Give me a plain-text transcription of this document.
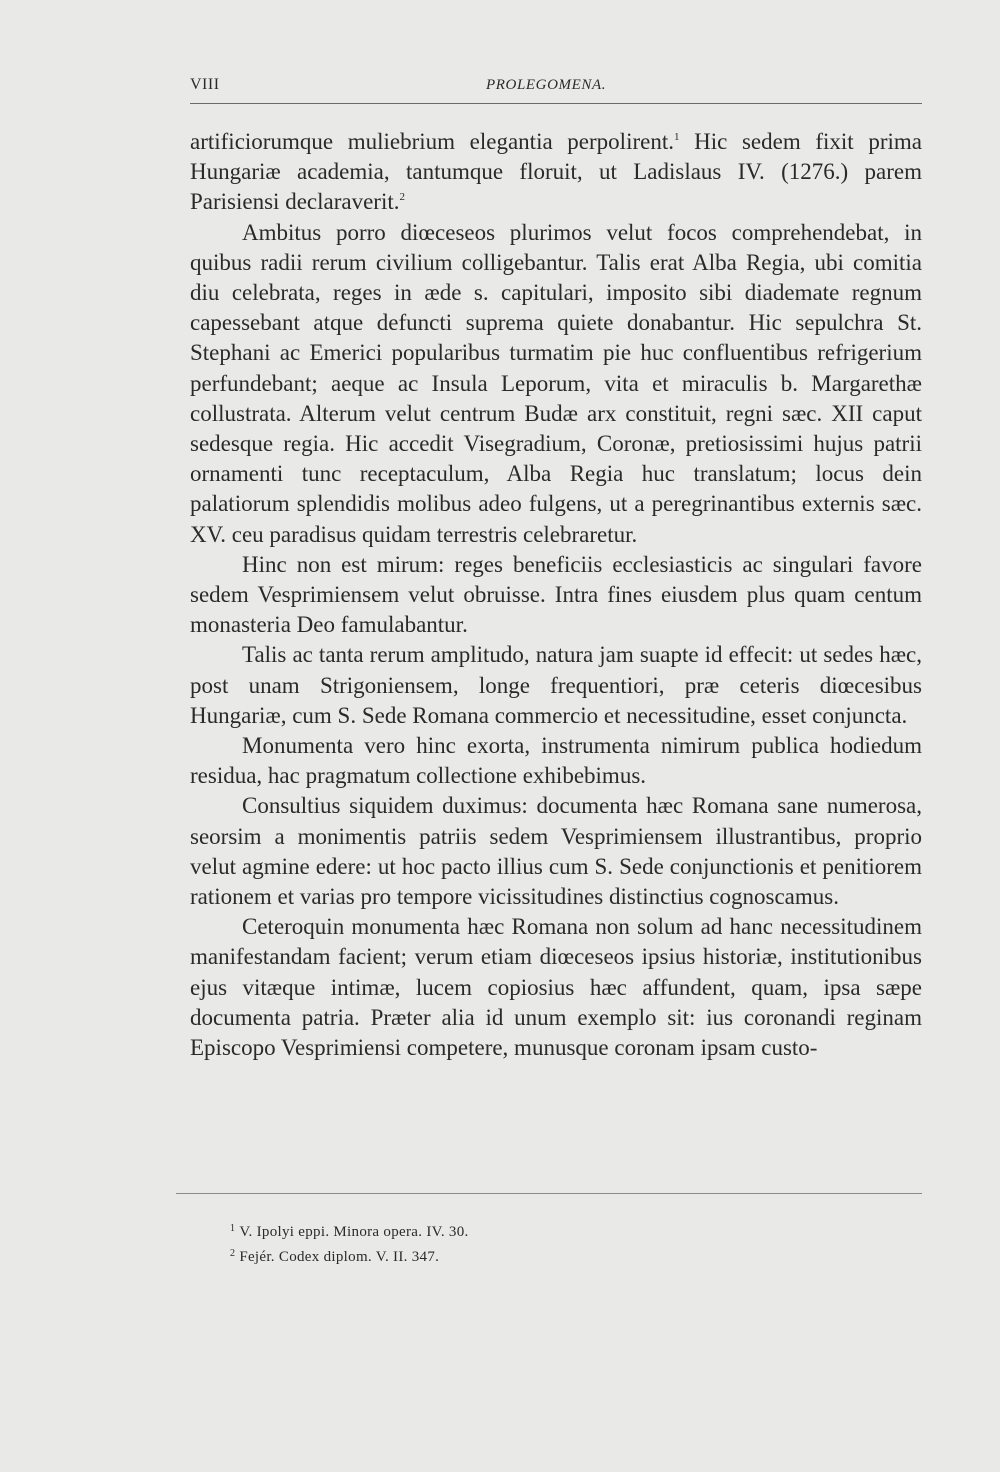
VIII	PROLEGOMENA.

artificiorumque muliebrium elegantia perpolirent.$^1$ Hic sedem fixit prima Hungariæ academia, tantumque floruit, ut Ladislaus IV. (1276.) parem Parisiensi declaraverit.$^2$

Ambitus porro diœceseos plurimos velut focos comprehendebat, in quibus radii rerum civilium colligebantur. Talis erat Alba Regia, ubi comitia diu celebrata, reges in æde s. capitulari, imposito sibi diademate regnum capessebant atque defuncti suprema quiete donabantur. Hic sepulchra St. Stephani ac Emerici popularibus turmatim pie huc confluentibus refrigerium perfundebant; aeque ac Insula Leporum, vita et miraculis b. Margarethæ collustrata. Alterum velut centrum Budæ arx constituit, regni sæc. XII caput sedesque regia. Hic accedit Visegradium, Coronæ, pretiosissimi hujus patrii ornamenti tunc receptaculum, Alba Regia huc translatum; locus dein palatiorum splendidis molibus adeo fulgens, ut a peregrinantibus externis sæc. XV. ceu paradisus quidam terrestris celebraretur.

Hinc non est mirum: reges beneficiis ecclesiasticis ac singulari favore sedem Vesprimiensem velut obruisse. Intra fines eiusdem plus quam centum monasteria Deo famulabantur.

Talis ac tanta rerum amplitudo, natura jam suapte id effecit: ut sedes hæc, post unam Strigoniensem, longe frequentiori, præ ceteris diœcesibus Hungariæ, cum S. Sede Romana commercio et necessitudine, esset conjuncta.

Monumenta vero hinc exorta, instrumenta nimirum publica hodiedum residua, hac pragmatum collectione exhibebimus.

Consultius siquidem duximus: documenta hæc Romana sane numerosa, seorsim a monimentis patriis sedem Vesprimiensem illustrantibus, proprio velut agmine edere: ut hoc pacto illius cum S. Sede conjunctionis et penitiorem rationem et varias pro tempore vicissitudines distinctius cognoscamus.

Ceteroquin monumenta hæc Romana non solum ad hanc necessitudinem manifestandam facient; verum etiam diœceseos ipsius historiæ, institutionibus ejus vitæque intimæ, lucem copiosius hæc affundent, quam, ipsa sæpe documenta patria. Præter alia id unum exemplo sit: ius coronandi reginam Episcopo Vesprimiensi competere, munusque coronam ipsam custo-

$^1$ V. Ipolyi eppi. Minora opera. IV. 30.
$^2$ Fejér. Codex diplom. V. II. 347.
